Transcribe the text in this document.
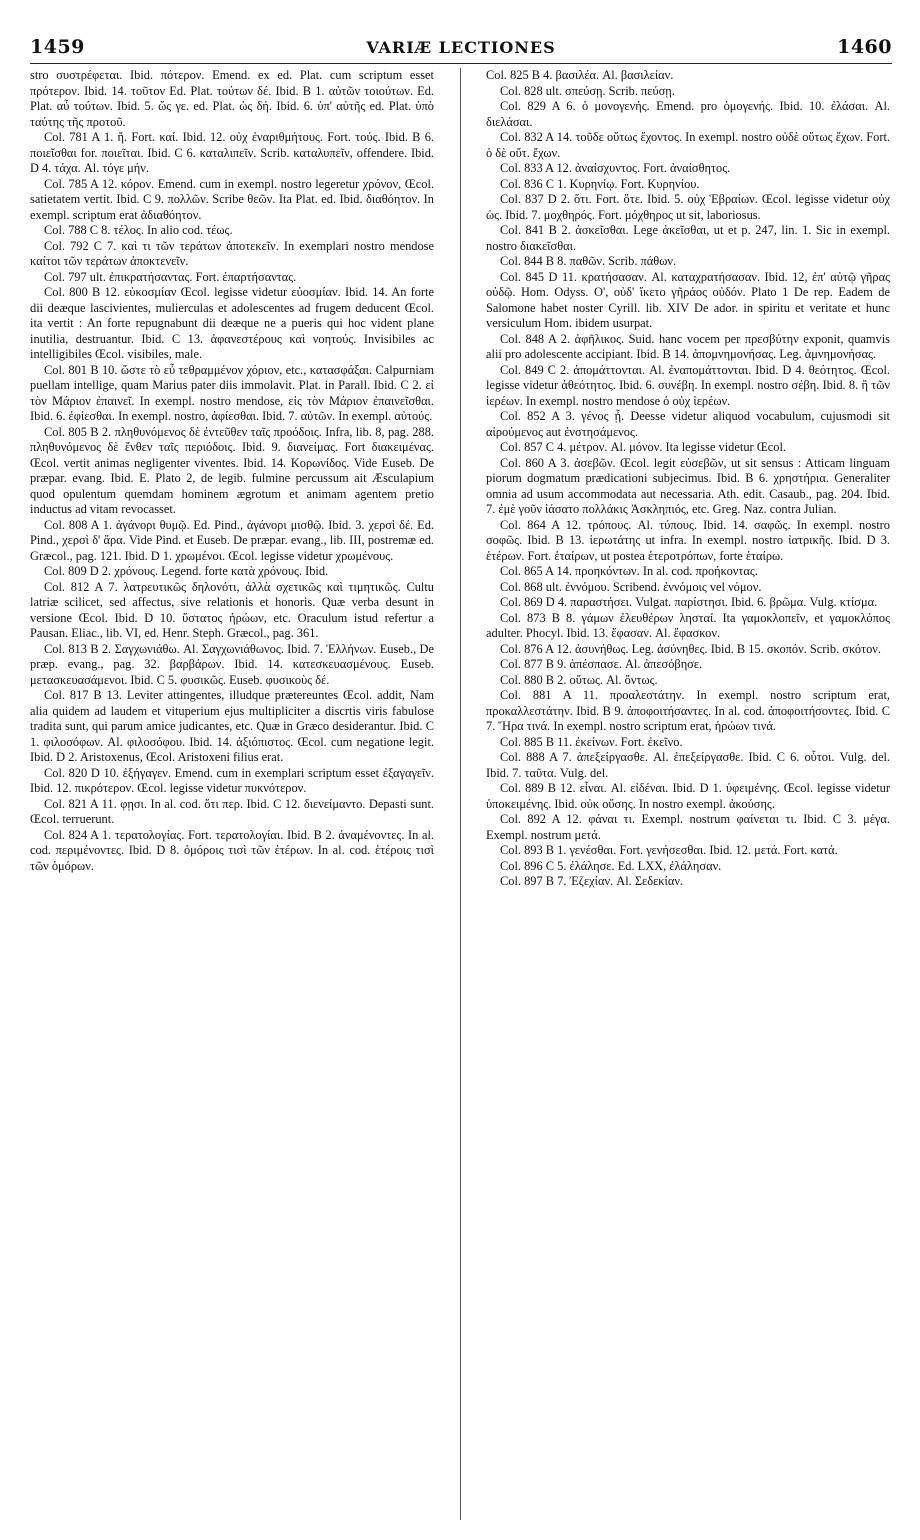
1459	VARIÆ LECTIONES	1460

stro συστρέφεται. Ibid. πότερον. Emend. ex ed. Plat. cum scriptum esset πρότερον. Ibid. 14. τοῦτον Ed. Plat. τούτων δέ. Ibid. B 1. αὐτῶν τοιούτων. Ed. Plat. αὖ τούτων. Ibid. 5. ὥς γε. ed. Plat. ὡς δή. Ibid. 6. ὑπ' αὐτῆς ed. Plat. ὑπὸ ταύτης τῆς προτοῦ.

Col. 781 A 1. ἤ. Fort. καί. Ibid. 12. οὐχ ἐναριθμήτους. Fort. τούς. Ibid. B 6. ποιεῖσθαι for. ποιεῖται. Ibid. C 6. καταλιπεῖν. Scrib. καταλυπεῖν, offendere. Ibid. D 4. τάχα. Al. τόγε μήν.

Col. 785 A 12. κόρον. Emend. cum in exempl. nostro legeretur χρόνον, Œcol. satietatem vertit. Ibid. C 9. πολλῶν. Scribe θεῶν. Ita Plat. ed. Ibid. διαθόητον. In exempl. scriptum erat ἀδιαθόητον.

Col. 788 C 8. τέλος. In alio cod. τέως.

Col. 792 C 7. καὶ τι τῶν τεράτων ἀποτεκεῖν. In exemplari nostro mendose καίτοι τῶν τεράτων ἀποκτενεῖν.

Col. 797 ult. ἐπικρατήσαντας. Fort. ἐπαρτήσαντας.

Col. 800 B 12. εὐκοσμίαν Œcol. legisse videtur εὐοσμίαν. Ibid. 14. An forte dii deæque lascivientes, mulierculas et adolescentes ad frugem deducent Œcol. ita vertit : An forte repugnabunt dii deæque ne a pueris qui hoc vident plane inutilia, destruantur. Ibid. C 13. ἀφανεστέρους καὶ νοητούς. Invisibiles ac intelligibiles Œcol. visibiles, male.

Col. 801 B 10. ὥστε τὸ εὖ τεθραμμένον χόριον, etc., κατασφάξαι. Calpurniam puellam intellige, quam Marius pater diis immolavit. Plat. in Parall. Ibid. C 2. εἰ τὸν Μάριον ἐπαινεῖ. In exempl. nostro mendose, εἰς τὸν Μάριον ἐπαινεῖσθαι. Ibid. 6. ἐφίεσθαι. In exempl. nostro, ἀφίεσθαι. Ibid. 7. αὐτῶν. In exempl. αὐτούς.

Col. 805 B 2. πληθυνόμενος δὲ ἐντεῦθεν ταῖς προόδοις. Infra, lib. 8, pag. 288. πληθυνόμενος δὲ ἔνθεν ταῖς περιόδοις. Ibid. 9. διανείμας. Fort διακειμένας. Œcol. vertit animas negligenter viventes. Ibid. 14. Κορωνίδος. Vide Euseb. De præpar. evang. Ibid. E. Plato 2, de legib. fulmine percussum ait Æsculapium quod opulentum quemdam hominem ægrotum et animam agentem pretio inductus ad vitam revocasset.

Col. 808 A 1. ἀγάνορι θυμῷ. Ed. Pind., ἀγάνορι μισθῷ. Ibid. 3. χερσὶ δέ. Ed. Pind., χερσὶ δ' ἄρα. Vide Pind. et Euseb. De præpar. evang., lib. III, postremæ ed. Græcol., pag. 121. Ibid. D 1. χρωμένοι. Œcol. legisse videtur χρωμένους.

Col. 809 D 2. χρόνους. Legend. forte κατὰ χρόνους. Ibid.

Col. 812 A 7. λατρευτικῶς δηλονότι, ἀλλὰ σχετικῶς καὶ τιμητικῶς. Cultu latriæ scilicet, sed affectus, sive relationis et honoris. Quæ verba desunt in versione Œcol. Ibid. D 10. ὕστατος ἡρώων, etc. Oraculum istud refertur a Pausan. Eliac., lib. VI, ed. Henr. Steph. Græcol., pag. 361.

Col. 813 B 2. Σαγχωνιάθω. Al. Σαγχωνιάθωνος. Ibid. 7. Ἑλλήνων. Euseb., De præp. evang., pag. 32. βαρβάρων. Ibid. 14. κατεσκευασμένους. Euseb. μετασκευασάμενοι. Ibid. C 5. φυσικῶς. Euseb. φυσικοὺς δέ.

Col. 817 B 13. Leviter attingentes, illudque prætereuntes Œcol. addit, Nam alia quidem ad laudem et vituperium ejus multipliciter a discrtis viris fabulose tradita sunt, qui parum amice judicantes, etc. Quæ in Græco desiderantur. Ibid. C 1. φιλοσόφων. Al. φιλοσόφου. Ibid. 14. ἀξιόπιστος. Œcol. cum negatione legit. Ibid. D 2. Aristoxenus, Œcol. Aristoxeni filius erat.

Col. 820 D 10. ἐξήγαγεν. Emend. cum in exemplari scriptum esset ἐξαγαγεῖν. Ibid. 12. πικρότερον. Œcol. legisse videtur πυκνότερον.

Col. 821 A 11. φῃσι. In al. cod. ὅτι περ. Ibid. C 12. διενείμαντο. Depasti sunt. Œcol. terruerunt.

Col. 824 A 1. τερατολογίας. Fort. τερατολογίαι. Ibid. B 2. ἀναμένοντες. In al. cod. περιμένοντες. Ibid. D 8. ὁμόροις τισὶ τῶν ἑτέρων. In al. cod. ἑτέροις τισὶ τῶν ὁμόρων.

Col. 825 B 4. βασιλέα. Al. βασιλείαν.

Col. 828 ult. σπεύσῃ. Scrib. πεύσῃ.

Col. 829 A 6. ὁ μονογενής. Emend. pro ὁμογενής. Ibid. 10. ἐλάσαι. Al. διελάσαι.

Col. 832 A 14. τοῦδε οὕτως ἔχοντος. In exempl. nostro οὐδὲ οὕτως ἔχων. Fort. ὁ δὲ οὔτ. ἔχων.

Col. 833 A 12. ἀναίσχυντος. Fort. ἀναίσθητος.

Col. 836 C 1. Κυρηνίῳ. Fort. Κυρηνίου.

Col. 837 D 2. ὅτι. Fort. ὅτε. Ibid. 5. οὐχ Ἑβραίων. Œcol. legisse videtur οὐχ ὡς. Ibid. 7. μοχθηρός. Fort. μόχθηρος ut sit, laboriosus.

Col. 841 B 2. ἀσκεῖσθαι. Lege ἀκεῖσθαι, ut et p. 247, lin. 1. Sic in exempl. nostro διακεῖσθαι.

Col. 844 B 8. παθῶν. Scrib. πάθων.

Col. 845 D 11. κρατήσασαν. Al. καταχρατήσασαν. Ibid. 12, ἐπ' αὐτῷ γῆρας οὐδῷ. Hom. Odyss. O', οὐδ' ἵκετο γῆράος οὐδόν. Plato 1 De rep. Eadem de Salomone habet noster Cyrill. lib. XIV De ador. in spiritu et veritate et hunc versiculum Hom. ibidem usurpat.

Col. 848 A 2. ἀφῆλικος. Suid. hanc vocem per πρεσβύτην exponit, quamvis alii pro adolescente accipiant. Ibid. B 14. ἀπομνημονήσας. Leg. ἀμνημονήσας.

Col. 849 C 2. ἀπομάττονται. Al. ἐναπομάττονται. Ibid. D 4. θεότητος. Œcol. legisse videtur ἀθεότητος. Ibid. 6. συνέβη. In exempl. nostro σέβη. Ibid. 8. ἢ τῶν ἱερέων. In exempl. nostro mendose ὁ οὐχ ἱερέων.

Col. 852 A 3. γένος ᾖ. Deesse videtur aliquod vocabulum, cujusmodi sit αἱρούμενος aut ἐνστησάμενος.

Col. 857 C 4. μέτρον. Al. μόνον. Ita legisse videtur Œcol.

Col. 860 A 3. ἀσεβῶν. Œcol. legit εὐσεβῶν, ut sit sensus : Atticam linguam piorum dogmatum prædicationi subjecimus. Ibid. B 6. χρηστήρια. Generaliter omnia ad usum accommodata aut necessaria. Ath. edit. Casaub., pag. 204. Ibid. 7. ἐμὲ γοῦν ἰάσατο πολλάκις Ἀσκληπιός, etc. Greg. Naz. contra Julian.

Col. 864 A 12. τρόπους. Al. τύπους. Ibid. 14. σαφῶς. In exempl. nostro σοφῶς. Ibid. B 13. ἱερωτάτης ut infra. In exempl. nostro ἰατρικῆς. Ibid. D 3. ἑτέρων. Fort. ἑταίρων, ut postea ἑτεροτρόπων, forte ἑταίρω.

Col. 865 A 14. προηκόντων. In al. cod. προήκοντας.

Col. 868 ult. ἐννόμου. Scribend. ἐννόμοις vel νόμον.

Col. 869 D 4. παραστήσει. Vulgat. παρίστησι. Ibid. 6. βρῶμα. Vulg. κτίσμα.

Col. 873 B 8. γάμων ἐλευθέρων λησταί. Ita γαμοκλοπεῖν, et γαμοκλόπος adulter. Phocyl. Ibid. 13. ἔφασαν. Al. ἔφασκον.

Col. 876 A 12. ἀσυνήθως. Leg. ἀσύνηθες. Ibid. B 15. σκοπόν. Scrib. σκότον.

Col. 877 B 9. ἀπέσπασε. Al. ἀπεσόβησε.

Col. 880 B 2. οὕτως. Al. ὄντως.

Col. 881 A 11. προαλεστάτην. In exempl. nostro scriptum erat, προκαλλεστάτην. Ibid. B 9. ἀποφοιτήσαντες. In al. cod. ἀποφοιτήσοντες. Ibid. C 7. Ἥρα τινά. In exempl. nostro scriptum erat, ἡρώων τινά.

Col. 885 B 11. ἐκείνων. Fort. ἐκεῖνο.

Col. 888 A 7. ἀπεξείργασθε. Al. ἐπεξείργασθε. Ibid. C 6. οὗτοι. Vulg. del. Ibid. 7. ταῦτα. Vulg. del.

Col. 889 B 12. εἶναι. Al. εἰδέναι. Ibid. D 1. ὑφειμένης. Œcol. legisse videtur ὑποκειμένης. Ibid. οὐκ οὔσης. In nostro exempl. ἀκούσης.

Col. 892 A 12. φάναι τι. Exempl. nostrum φαίνεται τι. Ibid. C 3. μέγα. Exempl. nostrum μετά.

Col. 893 B 1. γενέσθαι. Fort. γενήσεσθαι. Ibid. 12. μετά. Fort. κατά.

Col. 896 C 5. ἐλάλησε. Ed. LXX, ἐλάλησαν.

Col. 897 B 7. Ἐζεχίαν. Al. Σεδεκίαν.
